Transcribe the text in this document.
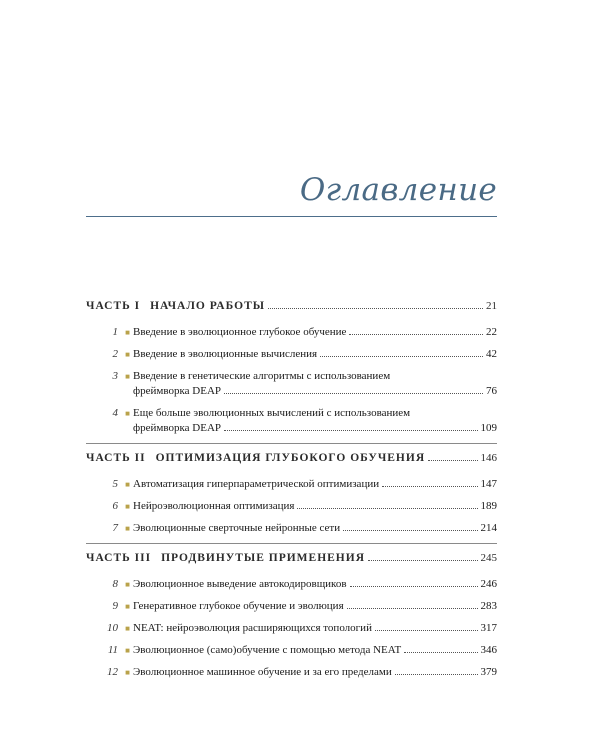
Оглавление
ЧАСТЬ I НАЧАЛО РАБОТЫ	21
1 ■ Введение в эволюционное глубокое обучение	22
2 ■ Введение в эволюционные вычисления	42
3 ■ Введение в генетические алгоритмы с использованием
фреймворка DEAP	76
4 ■ Еще больше эволюционных вычислений с использованием
фреймворка DEAP	109
ЧАСТЬ II ОПТИМИЗАЦИЯ ГЛУБОКОГО ОБУЧЕНИЯ	146
5 ■ Автоматизация гиперпараметрической оптимизации	147
6 ■ Нейроэволюционная оптимизация	189
7 ■ Эволюционные сверточные нейронные сети	214
ЧАСТЬ III ПРОДВИНУТЫЕ ПРИМЕНЕНИЯ	245
8 ■ Эволюционное выведение автокодировщиков	246
9 ■ Генеративное глубокое обучение и эволюция	283
10 ■ NEAT: нейроэволюция расширяющихся топологий	317
11 ■ Эволюционное (само)обучение с помощью метода NEAT	346
12 ■ Эволюционное машинное обучение и за его пределами	379
